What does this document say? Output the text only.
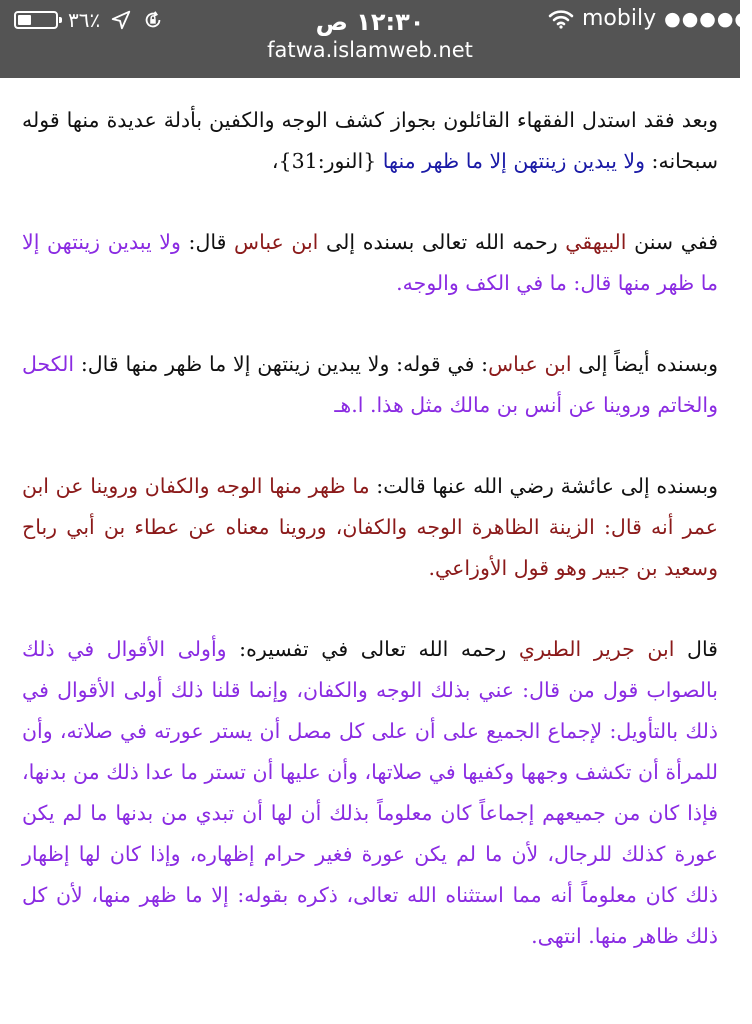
٣٦٪	١٢:٣٠ ص	mobily ●●●●●
fatwa.islamweb.net

وبعد فقد استدل الفقهاء القائلون بجواز كشف الوجه والكفين بأدلة عديدة منها قوله سبحانه: ولا يبدين زينتهن إلا ما ظهر منها {النور:31}،

ففي سنن البيهقي رحمه الله تعالى بسنده إلى ابن عباس قال: ولا يبدين زينتهن إلا ما ظهر منها قال: ما في الكف والوجه.

وبسنده أيضاً إلى ابن عباس: في قوله: ولا يبدين زينتهن إلا ما ظهر منها قال: الكحل والخاتم وروينا عن أنس بن مالك مثل هذا. ا.هـ

وبسنده إلى عائشة رضي الله عنها قالت: ما ظهر منها الوجه والكفان وروينا عن ابن عمر أنه قال: الزينة الظاهرة الوجه والكفان، وروينا معناه عن عطاء بن أبي رباح وسعيد بن جبير وهو قول الأوزاعي.

قال ابن جرير الطبري رحمه الله تعالى في تفسيره: وأولى الأقوال في ذلك بالصواب قول من قال: عني بذلك الوجه والكفان، وإنما قلنا ذلك أولى الأقوال في ذلك بالتأويل: لإجماع الجميع على أن على كل مصل أن يستر عورته في صلاته، وأن للمرأة أن تكشف وجهها وكفيها في صلاتها، وأن عليها أن تستر ما عدا ذلك من بدنها، فإذا كان من جميعهم إجماعاً كان معلوماً بذلك أن لها أن تبدي من بدنها ما لم يكن عورة كذلك للرجال، لأن ما لم يكن عورة فغير حرام إظهاره، وإذا كان لها إظهار ذلك كان معلوماً أنه مما استثناه الله تعالى، ذكره بقوله: إلا ما ظهر منها، لأن كل ذلك ظاهر منها. انتهى.
